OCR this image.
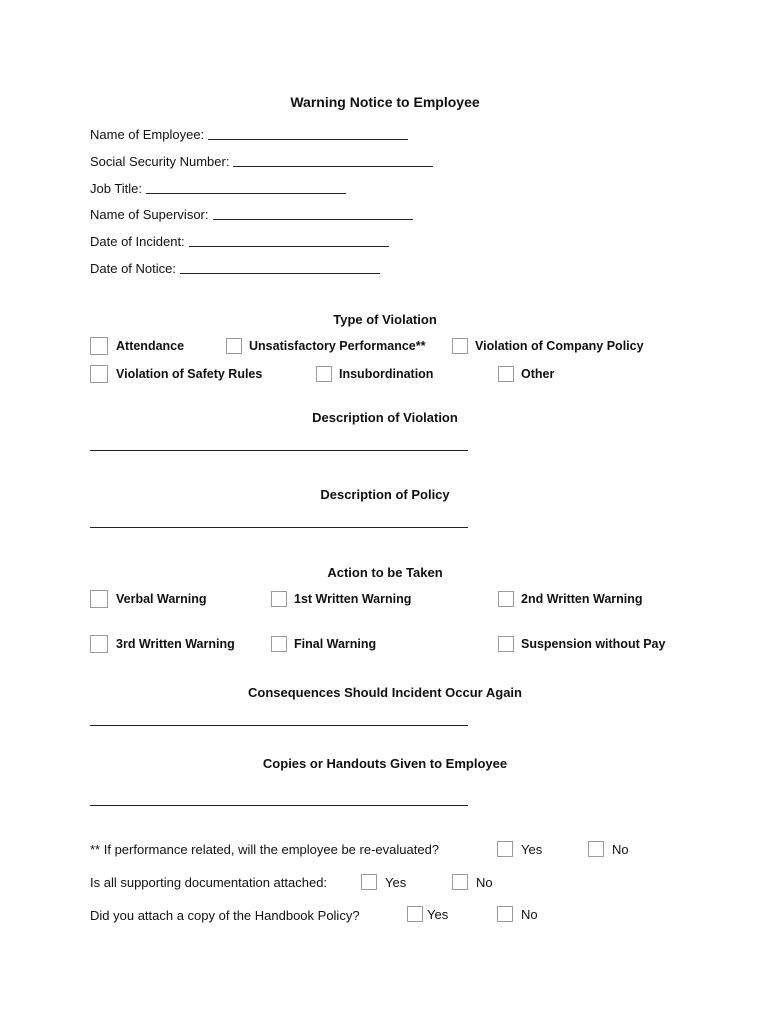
Warning Notice to Employee
Name of Employee:
Social Security Number:
Job Title:
Name of Supervisor:
Date of Incident:
Date of Notice:
Type of Violation
Attendance	Unsatisfactory Performance**	Violation of Company Policy
Violation of Safety Rules	Insubordination	Other
Description of Violation
Description of Policy
Action to be Taken
Verbal Warning	1st Written Warning	2nd Written Warning
3rd Written Warning	Final Warning	Suspension without Pay
Consequences Should Incident Occur Again
Copies or Handouts Given to Employee
** If performance related, will the employee be re-evaluated?	Yes	No
Is all supporting documentation attached:	Yes	No
Did you attach a copy of the Handbook Policy?	Yes	No
